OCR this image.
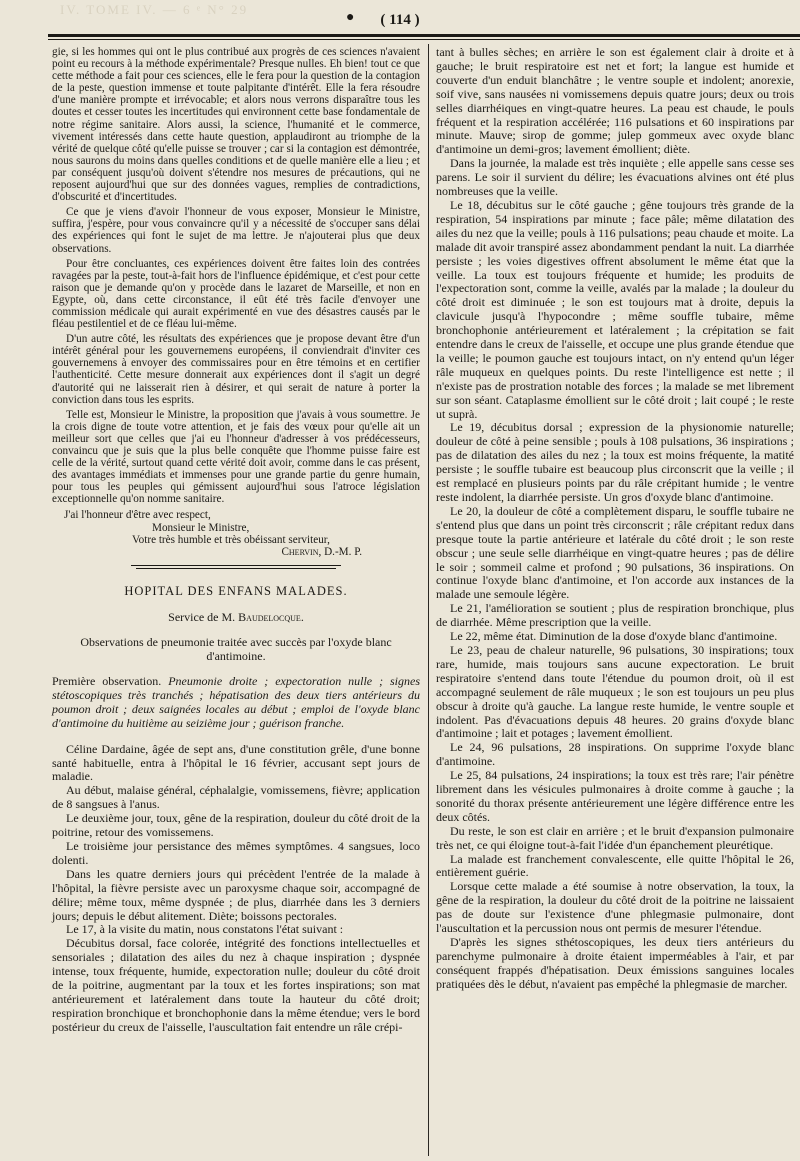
IV. TOME IV. — 6 ᵉ N° 29
●	( 114 )

gie, si les hommes qui ont le plus contribué aux progrès de ces sciences n'avaient point eu recours à la méthode expérimentale? Presque nulles. Eh bien! tout ce que cette méthode a fait pour ces sciences, elle le fera pour la question de la contagion de la peste, question immense et toute palpitante d'intérêt. Elle la fera résoudre d'une manière prompte et irrévocable; et alors nous verrons disparaître tous les doutes et cesser toutes les incertitudes qui environnent cette base fondamentale de notre régime sanitaire. Alors aussi, la science, l'humanité et le commerce, vivement intéressés dans cette haute question, applaudiront au triomphe de la vérité de quelque côté qu'elle puisse se trouver ; car si la contagion est démontrée, nous saurons du moins dans quelles conditions et de quelle manière elle a lieu ; et par conséquent jusqu'où doivent s'étendre nos mesures de précautions, qui ne reposent aujourd'hui que sur des données vagues, remplies de contradictions, d'obscurité et d'incertitudes.

Ce que je viens d'avoir l'honneur de vous exposer, Monsieur le Ministre, suffira, j'espère, pour vous convaincre qu'il y a nécessité de s'occuper sans délai des expériences qui font le sujet de ma lettre. Je n'ajouterai plus que deux observations.

Pour être concluantes, ces expériences doivent être faites loin des contrées ravagées par la peste, tout-à-fait hors de l'influence épidémique, et c'est pour cette raison que je demande qu'on y procède dans le lazaret de Marseille, et non en Egypte, où, dans cette circonstance, il eût été très facile d'envoyer une commission médicale qui aurait expérimenté en vue des désastres causés par le fléau pestilentiel et de ce fléau lui-même.

D'un autre côté, les résultats des expériences que je propose devant être d'un intérêt général pour les gouvernemens européens, il conviendrait d'inviter ces gouvernemens à envoyer des commissaires pour en être témoins et en certifier l'authenticité. Cette mesure donnerait aux expériences dont il s'agit un degré d'autorité qui ne laisserait rien à désirer, et qui serait de nature à porter la conviction dans tous les esprits.

Telle est, Monsieur le Ministre, la proposition que j'avais à vous soumettre. Je la crois digne de toute votre attention, et je fais des vœux pour qu'elle ait un meilleur sort que celles que j'ai eu l'honneur d'adresser à vos prédécesseurs, convaincu que je suis que la plus belle conquête que l'homme puisse faire est celle de la vérité, surtout quand cette vérité doit avoir, comme dans le cas présent, des avantages immédiats et immenses pour une grande partie du genre humain, pour tous les peuples qui gémissent aujourd'hui sous l'atroce législation exceptionnelle qu'on nomme sanitaire.

J'ai l'honneur d'être avec respect,

Monsieur le Ministre,

Votre très humble et très obéissant serviteur,

Chervin, D.-M. P.

HOPITAL DES ENFANS MALADES.
Service de M. Baudelocque.
Observations de pneumonie traitée avec succès par l'oxyde blanc d'antimoine.

Première observation. Pneumonie droite ; expectoration nulle ; signes stétoscopiques très tranchés ; hépatisation des deux tiers antérieurs du poumon droit ; deux saignées locales au début ; emploi de l'oxyde blanc d'antimoine du huitième au seizième jour ; guérison franche.

Céline Dardaine, âgée de sept ans, d'une constitution grêle, d'une bonne santé habituelle, entra à l'hôpital le 16 février, accusant sept jours de maladie.

Au début, malaise général, céphalalgie, vomissemens, fièvre; application de 8 sangsues à l'anus.

Le deuxième jour, toux, gêne de la respiration, douleur du côté droit de la poitrine, retour des vomissemens.

Le troisième jour persistance des mêmes symptômes. 4 sangsues, loco dolenti.

Dans les quatre derniers jours qui précèdent l'entrée de la malade à l'hôpital, la fièvre persiste avec un paroxysme chaque soir, accompagné de délire; même toux, même dyspnée ; de plus, diarrhée dans les 3 derniers jours; depuis le début alitement. Diète; boissons pectorales.

Le 17, à la visite du matin, nous constatons l'état suivant :

Décubitus dorsal, face colorée, intégrité des fonctions intellectuelles et sensoriales ; dilatation des ailes du nez à chaque inspiration ; dyspnée intense, toux fréquente, humide, expectoration nulle; douleur du côté droit de la poitrine, augmentant par la toux et les fortes inspirations; son mat antérieurement et latéralement dans toute la hauteur du côté droit; respiration bronchique et bronchophonie dans la même étendue; vers le bord postérieur du creux de l'aisselle, l'auscultation fait entendre un râle crépi-

tant à bulles sèches; en arrière le son est également clair à droite et à gauche; le bruit respiratoire est net et fort; la langue est humide et couverte d'un enduit blanchâtre ; le ventre souple et indolent; anorexie, soif vive, sans nausées ni vomissemens depuis quatre jours; deux ou trois selles diarrhéiques en vingt-quatre heures. La peau est chaude, le pouls fréquent et la respiration accélérée; 116 pulsations et 60 inspirations par minute. Mauve; sirop de gomme; julep gommeux avec oxyde blanc d'antimoine un demi-gros; lavement émollient; diète.

Dans la journée, la malade est très inquiète ; elle appelle sans cesse ses parens. Le soir il survient du délire; les évacuations alvines ont été plus nombreuses que la veille.

Le 18, décubitus sur le côté gauche ; gêne toujours très grande de la respiration, 54 inspirations par minute ; face pâle; même dilatation des ailes du nez que la veille; pouls à 116 pulsations; peau chaude et moite. La malade dit avoir transpiré assez abondamment pendant la nuit. La diarrhée persiste ; les voies digestives offrent absolument le même état que la veille. La toux est toujours fréquente et humide; les produits de l'expectoration sont, comme la veille, avalés par la malade ; la douleur du côté droit est diminuée ; le son est toujours mat à droite, depuis la clavicule jusqu'à l'hypocondre ; même souffle tubaire, même bronchophonie antérieurement et latéralement ; la crépitation se fait entendre dans le creux de l'aisselle, et occupe une plus grande étendue que la veille; le poumon gauche est toujours intact, on n'y entend qu'un léger râle muqueux en quelques points. Du reste l'intelligence est nette ; il n'existe pas de prostration notable des forces ; la malade se met librement sur son séant. Cataplasme émollient sur le côté droit ; lait coupé ; le reste ut suprà.

Le 19, décubitus dorsal ; expression de la physionomie naturelle; douleur de côté à peine sensible ; pouls à 108 pulsations, 36 inspirations ; pas de dilatation des ailes du nez ; la toux est moins fréquente, la matité persiste ; le souffle tubaire est beaucoup plus circonscrit que la veille ; il est remplacé en plusieurs points par du râle crépitant humide ; le ventre reste indolent, la diarrhée persiste. Un gros d'oxyde blanc d'antimoine.

Le 20, la douleur de côté a complètement disparu, le souffle tubaire ne s'entend plus que dans un point très circonscrit ; râle crépitant redux dans presque toute la partie antérieure et latérale du côté droit ; le son reste obscur ; une seule selle diarrhéique en vingt-quatre heures ; pas de délire le soir ; sommeil calme et profond ; 90 pulsations, 36 inspirations. On continue l'oxyde blanc d'antimoine, et l'on accorde aux instances de la malade une semoule légère.

Le 21, l'amélioration se soutient ; plus de respiration bronchique, plus de diarrhée. Même prescription que la veille.

Le 22, même état. Diminution de la dose d'oxyde blanc d'antimoine.

Le 23, peau de chaleur naturelle, 96 pulsations, 30 inspirations; toux rare, humide, mais toujours sans aucune expectoration. Le bruit respiratoire s'entend dans toute l'étendue du poumon droit, où il est accompagné seulement de râle muqueux ; le son est toujours un peu plus obscur à droite qu'à gauche. La langue reste humide, le ventre souple et indolent. Pas d'évacuations depuis 48 heures. 20 grains d'oxyde blanc d'antimoine ; lait et potages ; lavement émollient.

Le 24, 96 pulsations, 28 inspirations. On supprime l'oxyde blanc d'antimoine.

Le 25, 84 pulsations, 24 inspirations; la toux est très rare; l'air pénètre librement dans les vésicules pulmonaires à droite comme à gauche ; la sonorité du thorax présente antérieurement une légère différence entre les deux côtés.

Du reste, le son est clair en arrière ; et le bruit d'expansion pulmonaire très net, ce qui éloigne tout-à-fait l'idée d'un épanchement pleurétique.

La malade est franchement convalescente, elle quitte l'hôpital le 26, entièrement guérie.

Lorsque cette malade a été soumise à notre observation, la toux, la gêne de la respiration, la douleur du côté droit de la poitrine ne laissaient pas de doute sur l'existence d'une phlegmasie pulmonaire, dont l'auscultation et la percussion nous ont permis de mesurer l'étendue.

D'après les signes sthétoscopiques, les deux tiers antérieurs du parenchyme pulmonaire à droite étaient imperméables à l'air, et par conséquent frappés d'hépatisation. Deux émissions sanguines locales pratiquées dès le début, n'avaient pas empêché la phlegmasie de marcher.
